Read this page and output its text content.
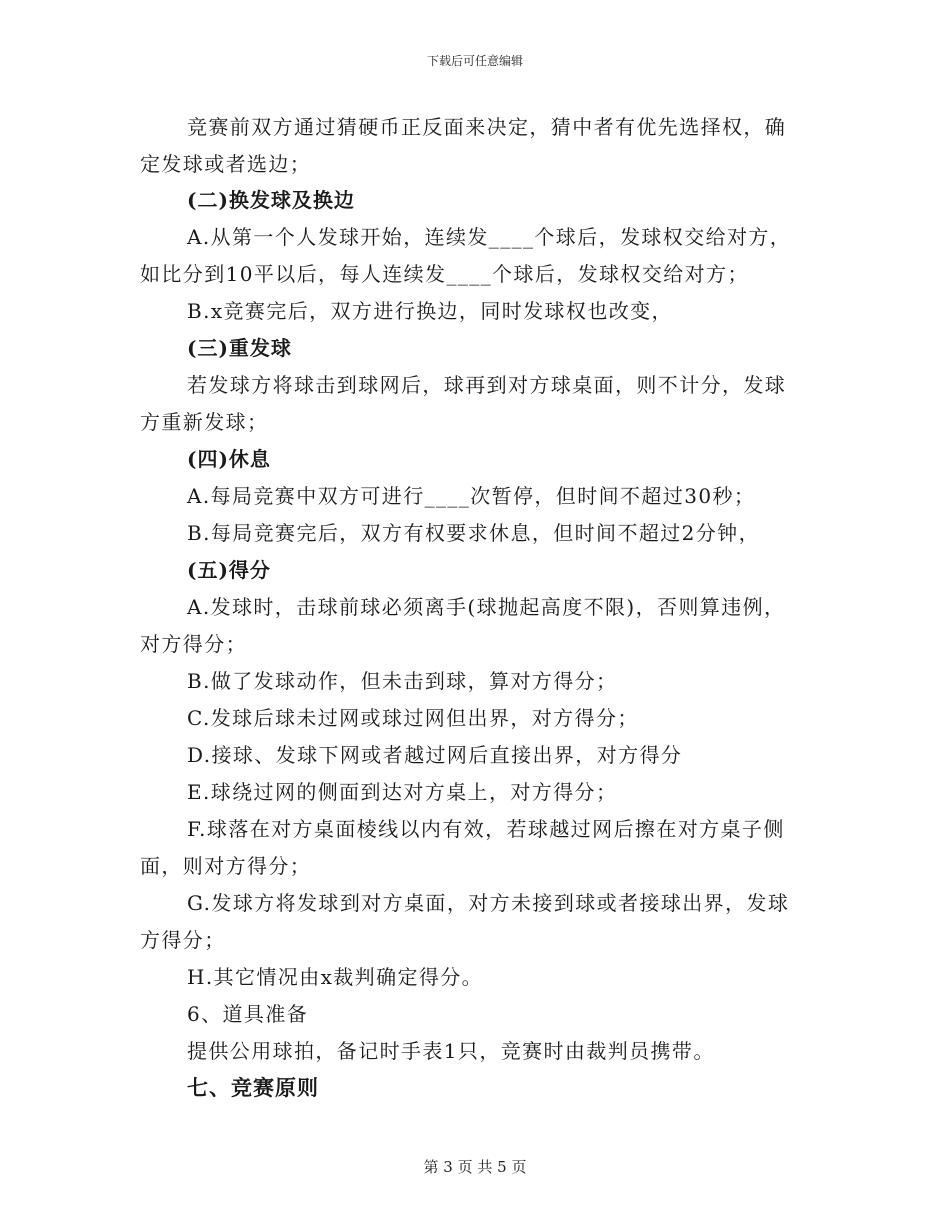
下载后可任意编辑
竞赛前双方通过猜硬币正反面来决定，猜中者有优先选择权，确
定发球或者选边；
(二)换发球及换边
A.从第一个人发球开始，连续发____个球后，发球权交给对方，
如比分到10平以后，每人连续发____个球后，发球权交给对方；
B.x竞赛完后，双方进行换边，同时发球权也改变，
(三)重发球
若发球方将球击到球网后，球再到对方球桌面，则不计分，发球
方重新发球；
(四)休息
A.每局竞赛中双方可进行____次暂停，但时间不超过30秒；
B.每局竞赛完后，双方有权要求休息，但时间不超过2分钟，
(五)得分
A.发球时，击球前球必须离手(球抛起高度不限)，否则算违例，
对方得分；
B.做了发球动作，但未击到球，算对方得分；
C.发球后球未过网或球过网但出界，对方得分；
D.接球、发球下网或者越过网后直接出界，对方得分
E.球绕过网的侧面到达对方桌上，对方得分；
F.球落在对方桌面棱线以内有效，若球越过网后擦在对方桌子侧
面，则对方得分；
G.发球方将发球到对方桌面，对方未接到球或者接球出界，发球
方得分；
H.其它情况由x裁判确定得分。
6、道具准备
提供公用球拍，备记时手表1只，竞赛时由裁判员携带。
七、竞赛原则
第 3 页 共 5 页
